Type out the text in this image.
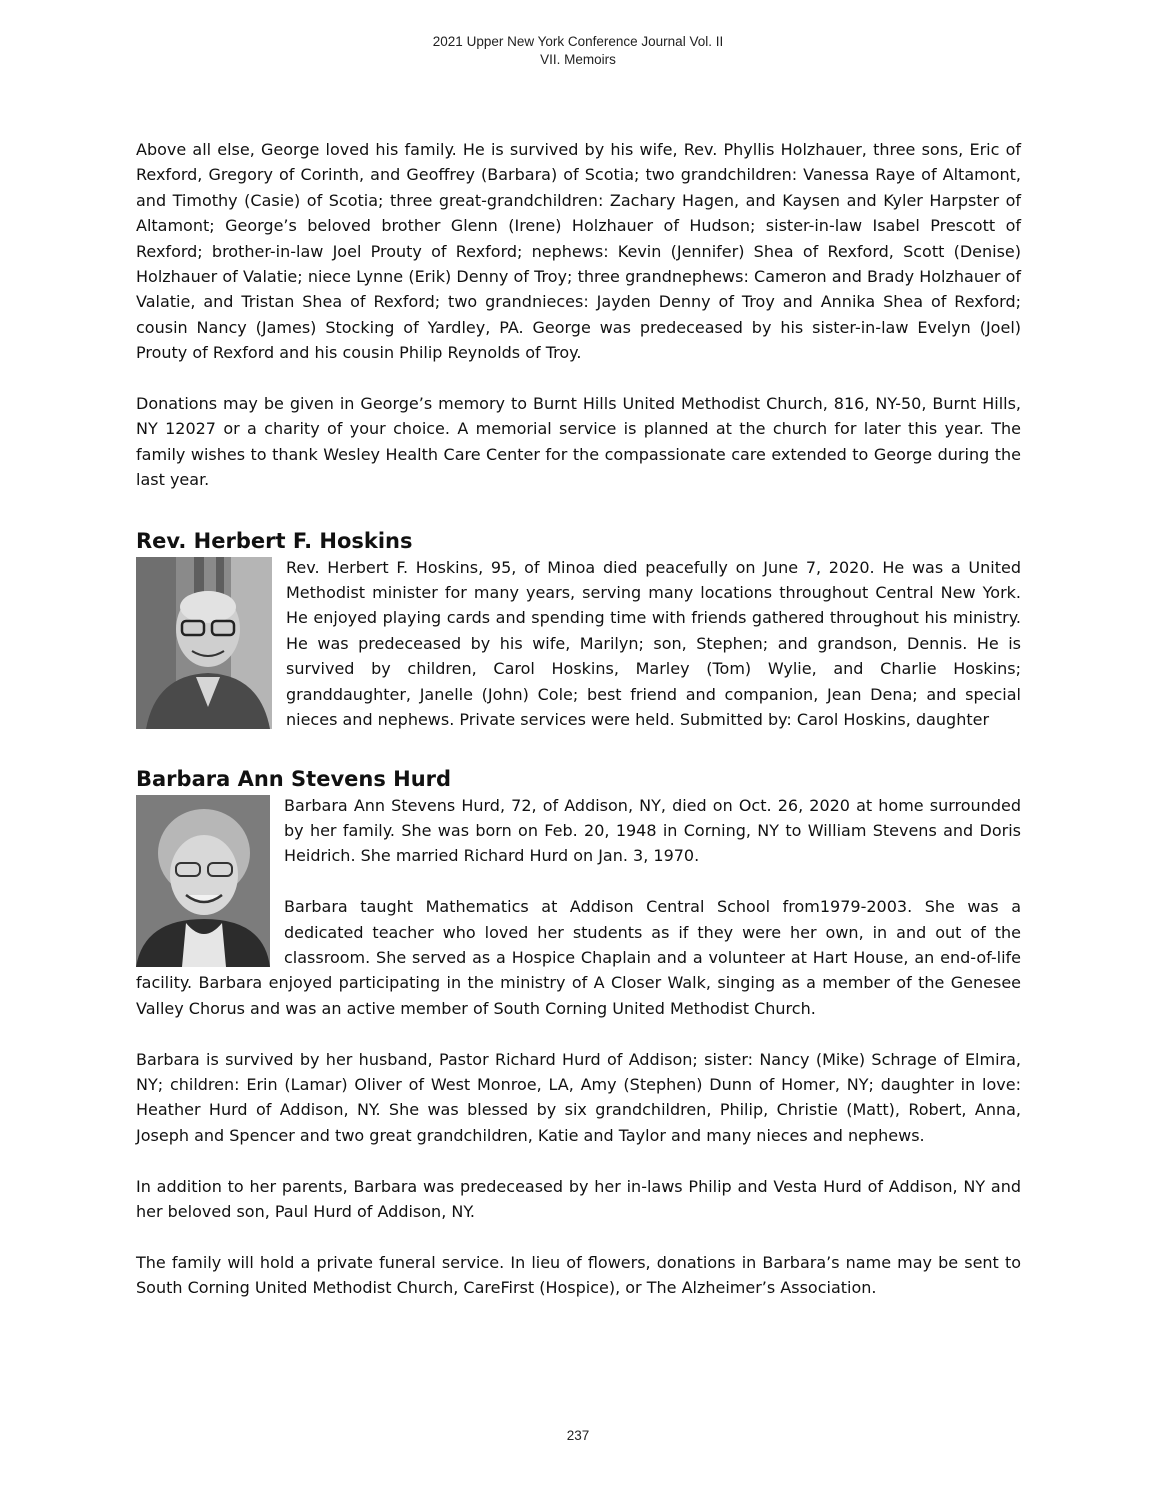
2021 Upper New York Conference Journal Vol. II
VII. Memoirs

Above all else, George loved his family. He is survived by his wife, Rev. Phyllis Holzhauer, three sons, Eric of Rexford, Gregory of Corinth, and Geoffrey (Barbara) of Scotia; two grandchildren: Vanessa Raye of Altamont, and Timothy (Casie) of Scotia; three great-grandchildren: Zachary Hagen, and Kaysen and Kyler Harpster of Altamont; George’s beloved brother Glenn (Irene) Holzhauer of Hudson; sister-in-law Isabel Prescott of Rexford; brother-in-law Joel Prouty of Rexford; nephews: Kevin (Jennifer) Shea of Rexford, Scott (Denise) Holzhauer of Valatie; niece Lynne (Erik) Denny of Troy; three grandnephews: Cameron and Brady Holzhauer of Valatie, and Tristan Shea of Rexford; two grandnieces: Jayden Denny of Troy and Annika Shea of Rexford; cousin Nancy (James) Stocking of Yardley, PA. George was predeceased by his sister-in-law Evelyn (Joel) Prouty of Rexford and his cousin Philip Reynolds of Troy.

Donations may be given in George’s memory to Burnt Hills United Methodist Church, 816, NY-50, Burnt Hills, NY 12027 or a charity of your choice. A memorial service is planned at the church for later this year. The family wishes to thank Wesley Health Care Center for the compassionate care extended to George during the last year.

Rev. Herbert F. Hoskins

Rev. Herbert F. Hoskins, 95, of Minoa died peacefully on June 7, 2020. He was a United Methodist minister for many years, serving many locations throughout Central New York. He enjoyed playing cards and spending time with friends gathered throughout his ministry. He was predeceased by his wife, Marilyn; son, Stephen; and grandson, Dennis. He is survived by children, Carol Hoskins, Marley (Tom) Wylie, and Charlie Hoskins; granddaughter, Janelle (John) Cole; best friend and companion, Jean Dena; and special nieces and nephews. Private services were held. Submitted by: Carol Hoskins, daughter

Barbara Ann Stevens Hurd

Barbara Ann Stevens Hurd, 72, of Addison, NY, died on Oct. 26, 2020 at home surrounded by her family. She was born on Feb. 20, 1948 in Corning, NY to William Stevens and Doris Heidrich. She married Richard Hurd on Jan. 3, 1970.

Barbara taught Mathematics at Addison Central School from1979-2003. She was a dedicated teacher who loved her students as if they were her own, in and out of the classroom. She served as a Hospice Chaplain and a volunteer at Hart House, an end-of-life facility. Barbara enjoyed participating in the ministry of A Closer Walk, singing as a member of the Genesee Valley Chorus and was an active member of South Corning United Methodist Church.

Barbara is survived by her husband, Pastor Richard Hurd of Addison; sister: Nancy (Mike) Schrage of Elmira, NY; children: Erin (Lamar) Oliver of West Monroe, LA, Amy (Stephen) Dunn of Homer, NY; daughter in love: Heather Hurd of Addison, NY. She was blessed by six grandchildren, Philip, Christie (Matt), Robert, Anna, Joseph and Spencer and two great grandchildren, Katie and Taylor and many nieces and nephews.

In addition to her parents, Barbara was predeceased by her in-laws Philip and Vesta Hurd of Addison, NY and her beloved son, Paul Hurd of Addison, NY.

The family will hold a private funeral service. In lieu of flowers, donations in Barbara’s name may be sent to South Corning United Methodist Church, CareFirst (Hospice), or The Alzheimer’s Association.

237
